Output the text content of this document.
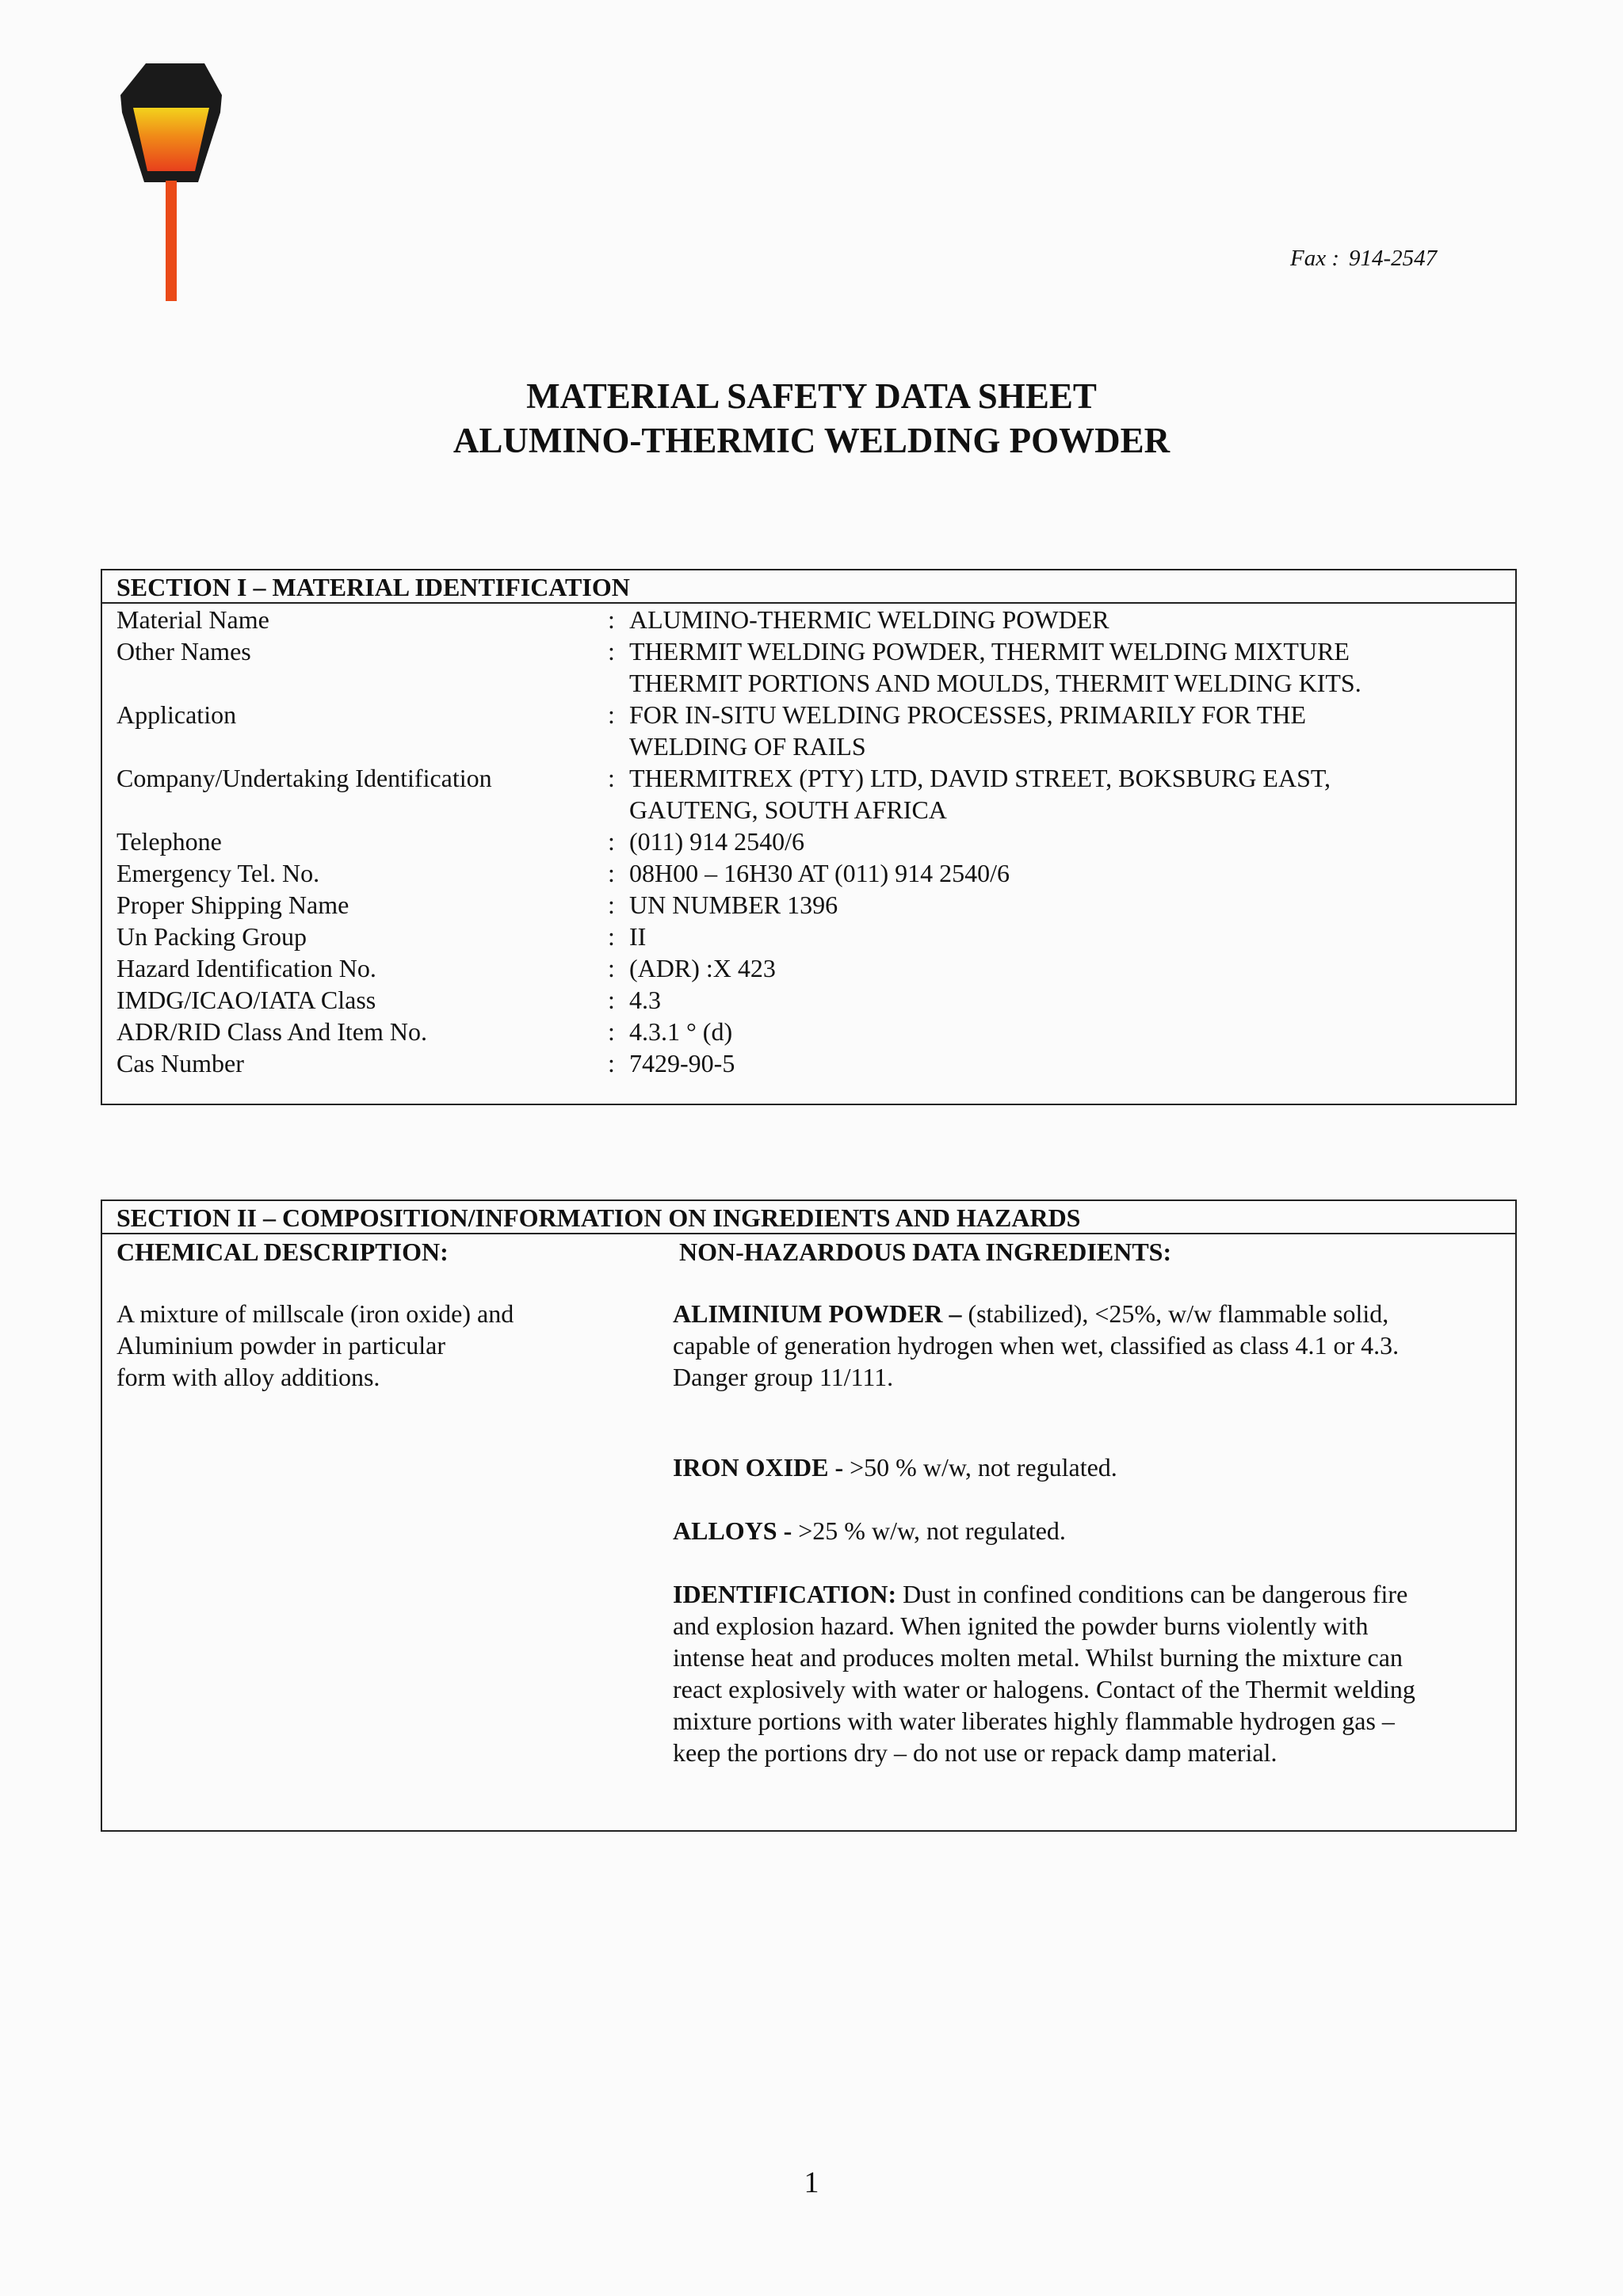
Fax : 914-2547
MATERIAL SAFETY DATA SHEET
ALUMINO-THERMIC WELDING POWDER
SECTION I – MATERIAL IDENTIFICATION
Material Name	: ALUMINO-THERMIC WELDING POWDER
Other Names	: THERMIT WELDING POWDER, THERMIT WELDING MIXTURE
THERMIT PORTIONS AND MOULDS, THERMIT WELDING KITS.
Application	: FOR IN-SITU WELDING PROCESSES, PRIMARILY FOR THE
WELDING OF RAILS
Company/Undertaking Identification	: THERMITREX (PTY) LTD, DAVID STREET, BOKSBURG EAST,
GAUTENG, SOUTH AFRICA
Telephone	: (011) 914 2540/6
Emergency Tel. No.	: 08H00 – 16H30 AT (011) 914 2540/6
Proper Shipping Name	: UN NUMBER 1396
Un Packing Group	: II
Hazard Identification No.	: (ADR) :X 423
IMDG/ICAO/IATA Class	: 4.3
ADR/RID Class And Item No.	: 4.3.1 ° (d)
Cas Number	: 7429-90-5
SECTION II – COMPOSITION/INFORMATION ON INGREDIENTS AND HAZARDS
CHEMICAL DESCRIPTION:	NON-HAZARDOUS DATA INGREDIENTS:
A mixture of millscale (iron oxide) and
Aluminium powder in particular
form with alloy additions.
ALIMINIUM POWDER – (stabilized), <25%, w/w flammable solid,
capable of generation hydrogen when wet, classified as class 4.1 or 4.3.
Danger group 11/111.
IRON OXIDE - >50 % w/w, not regulated.
ALLOYS - >25 % w/w, not regulated.
IDENTIFICATION: Dust in confined conditions can be dangerous fire
and explosion hazard. When ignited the powder burns violently with
intense heat and produces molten metal. Whilst burning the mixture can
react explosively with water or halogens. Contact of the Thermit welding
mixture portions with water liberates highly flammable hydrogen gas –
keep the portions dry – do not use or repack damp material.
1
